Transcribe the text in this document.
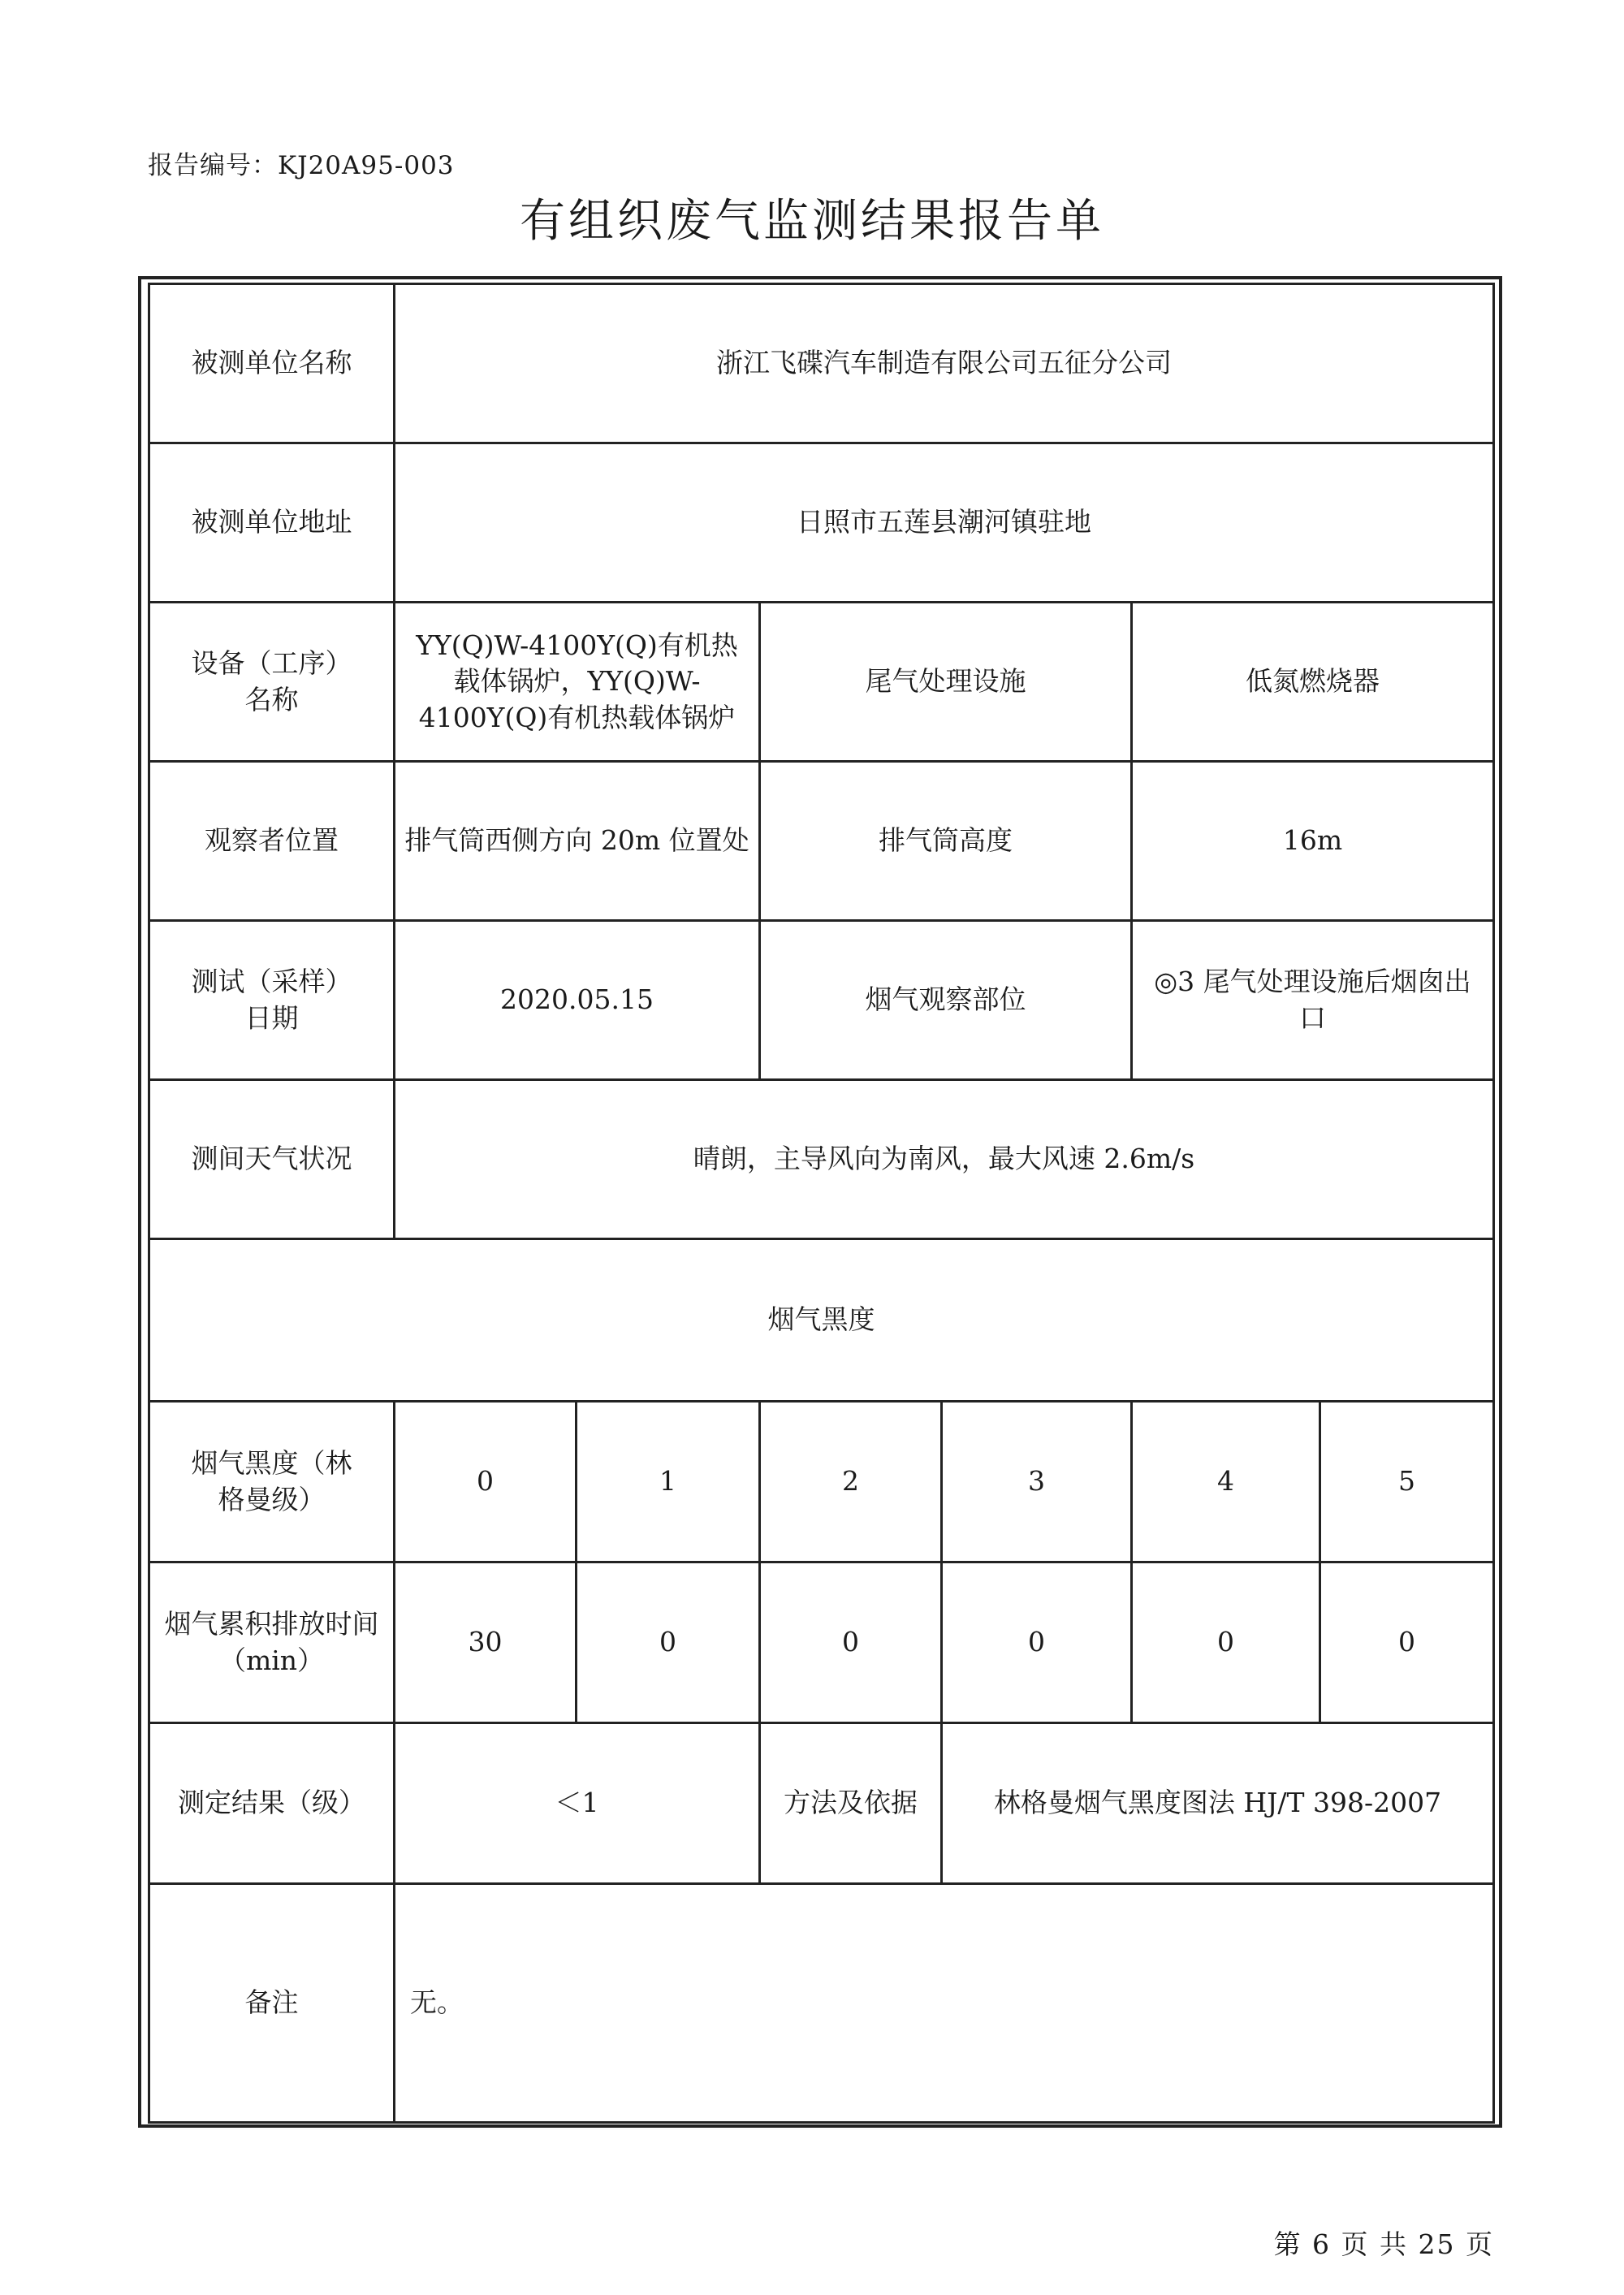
报告编号：KJ20A95-003
有组织废气监测结果报告单
被测单位名称	浙江飞碟汽车制造有限公司五征分公司					
被测单位地址	日照市五莲县潮河镇驻地					
设备（工序）名称	YY(Q)W-4100Y(Q)有机热载体锅炉，YY(Q)W-4100Y(Q)有机热载体锅炉		尾气处理设施		低氮燃烧器	
观察者位置	排气筒西侧方向 20m 位置处		排气筒高度		16m	
测试（采样）日期	2020.05.15		烟气观察部位		◎3 尾气处理设施后烟囱出口	
测间天气状况	晴朗，主导风向为南风，最大风速 2.6m/s					
烟气黑度						
烟气黑度（林格曼级）	0	1	2	3	4	5
烟气累积排放时间（min）	30	0	0	0	0	0
测定结果（级）	＜1		方法及依据	林格曼烟气黑度图法 HJ/T 398-2007		
备注	无。					
第 6 页 共 25 页
